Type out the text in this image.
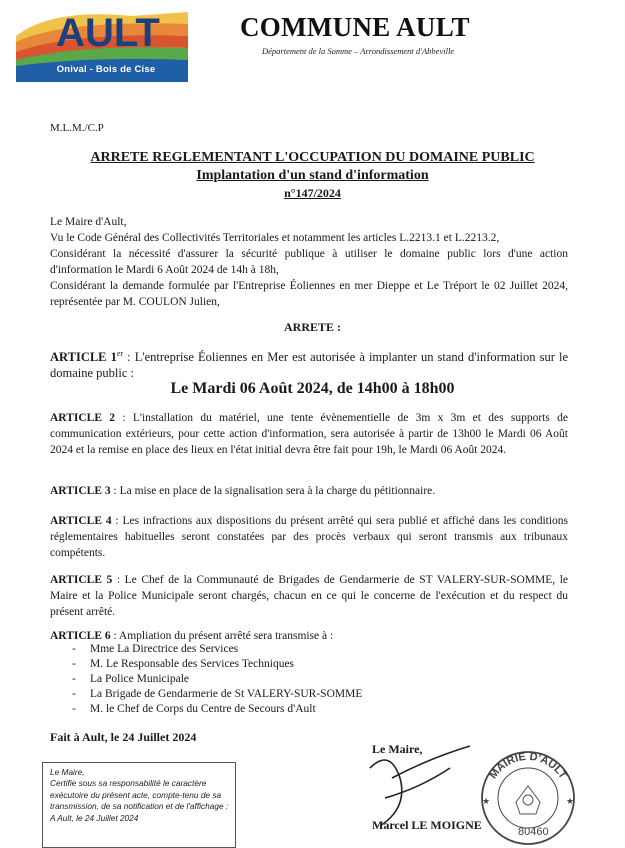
AULT
Onival - Bois de Cise
COMMUNE AULT
Département de la Somme – Arrondissement d'Abbeville
M.L.M./C.P
ARRETE REGLEMENTANT L'OCCUPATION DU DOMAINE PUBLIC
Implantation d'un stand d'information
n°147/2024

Le Maire d'Ault,

Vu le Code Général des Collectivités Territoriales et notamment les articles L.2213.1 et L.2213.2,

Considérant la nécessité d'assurer la sécurité publique à utiliser le domaine public lors d'une action d'information le Mardi 6 Août 2024 de 14h à 18h,

Considérant la demande formulée par l'Entreprise Éoliennes en mer Dieppe et Le Tréport le 02 Juillet 2024, représentée par M. COULON Julien,

ARRETE :

ARTICLE 1er : L'entreprise Éoliennes en Mer est autorisée à implanter un stand d'information sur le domaine public :

Le Mardi 06 Août 2024, de 14h00 à 18h00

ARTICLE 2 : L'installation du matériel, une tente évènementielle de 3m x 3m et des supports de communication extérieurs, pour cette action d'information, sera autorisée à partir de 13h00 le Mardi 06 Août 2024 et la remise en place des lieux en l'état initial devra être fait pour 19h, le Mardi 06 Août 2024.

ARTICLE 3 : La mise en place de la signalisation sera à la charge du pétitionnaire.

ARTICLE 4 : Les infractions aux dispositions du présent arrêté qui sera publié et affiché dans les conditions réglementaires habituelles seront constatées par des procès verbaux qui seront transmis aux tribunaux compétents.

ARTICLE 5 : Le Chef de la Communauté de Brigades de Gendarmerie de ST VALERY-SUR-SOMME, le Maire et la Police Municipale seront chargés, chacun en ce qui le concerne de l'exécution et du respect du présent arrêté.

ARTICLE 6 : Ampliation du présent arrêté sera transmise à :

-	Mme La Directrice des Services
-	M. Le Responsable des Services Techniques
-	La Police Municipale
-	La Brigade de Gendarmerie de St VALERY-SUR-SOMME
-	M. le Chef de Corps du Centre de Secours d'Ault
Fait à Ault, le 24 Juillet 2024
Le Maire,
Certifie sous sa responsabilité le caractère exécutoire du présent acte, compte-tenu de sa transmission, de sa notification et de l'affichage :
A Ault, le 24 Juillet 2024
Le Maire,
Marcel LE MOIGNE
MAIRIE D'AULT
★	★
80460
